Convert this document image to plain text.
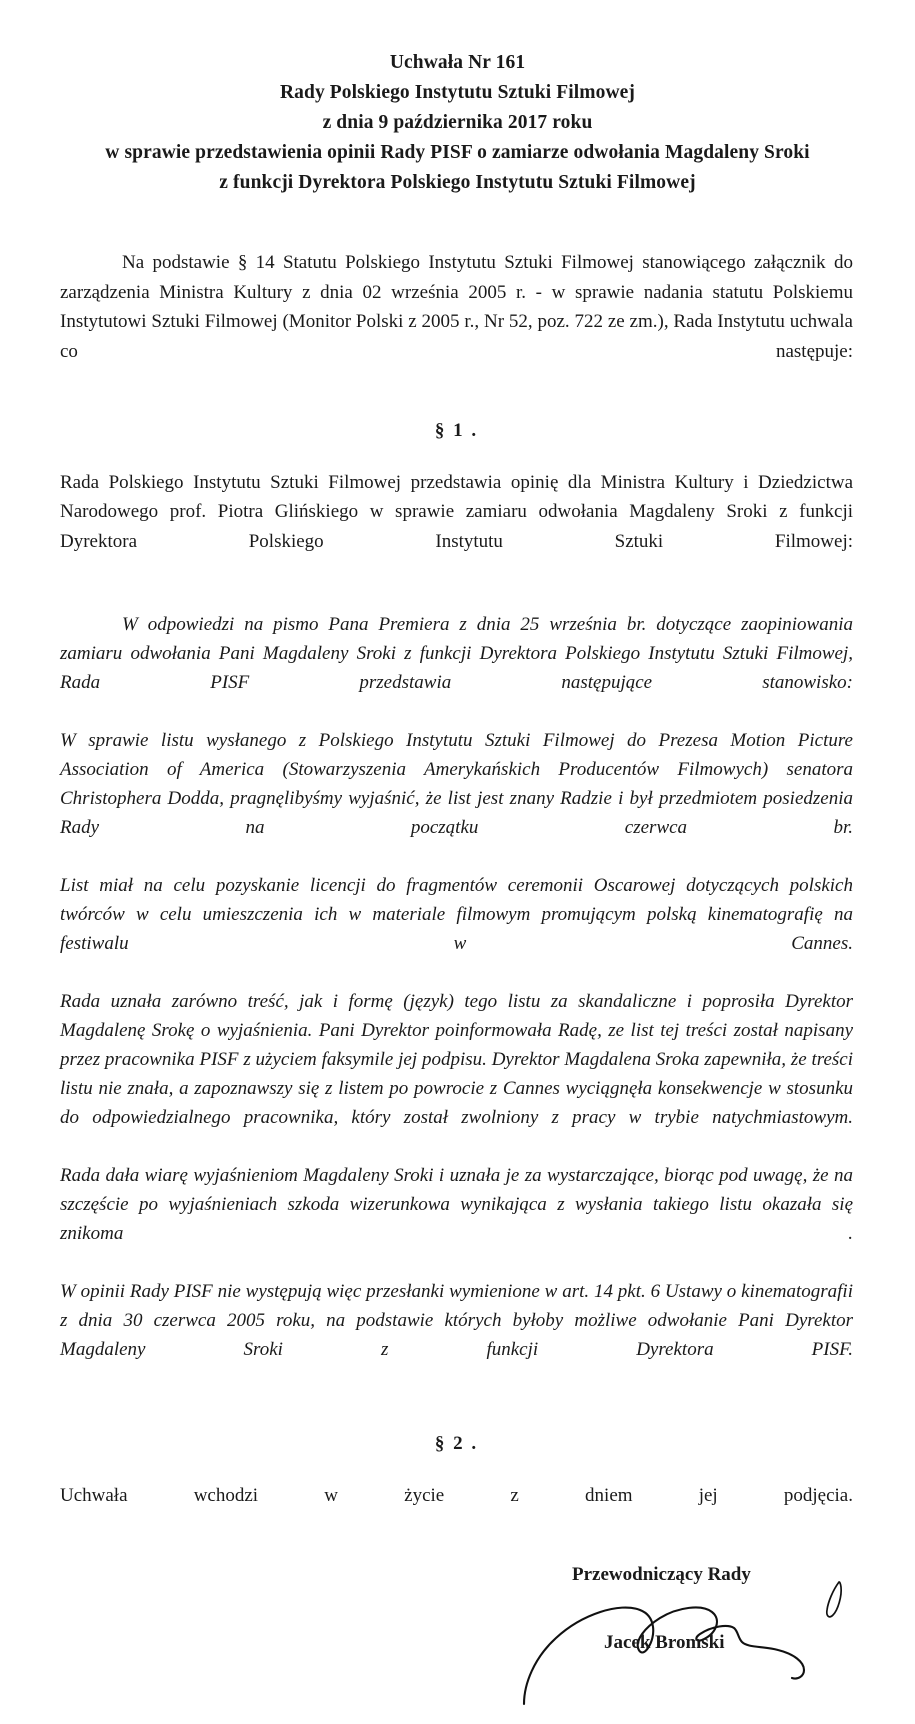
Uchwała Nr 161
Rady Polskiego Instytutu Sztuki Filmowej
z dnia 9 października 2017 roku
w sprawie przedstawienia opinii Rady PISF o zamiarze odwołania Magdaleny Sroki
z funkcji Dyrektora Polskiego Instytutu Sztuki Filmowej

Na podstawie § 14 Statutu Polskiego Instytutu Sztuki Filmowej stanowiącego załącznik do zarządzenia Ministra Kultury z dnia 02 września 2005 r. - w sprawie nadania statutu Polskiemu Instytutowi Sztuki Filmowej (Monitor Polski z 2005 r., Nr 52, poz. 722 ze zm.), Rada Instytutu uchwala co następuje:

§ 1 .

Rada Polskiego Instytutu Sztuki Filmowej przedstawia opinię dla Ministra Kultury i Dziedzictwa Narodowego prof. Piotra Glińskiego w sprawie zamiaru odwołania Magdaleny Sroki z funkcji Dyrektora Polskiego Instytutu Sztuki Filmowej:

W odpowiedzi na pismo Pana Premiera z dnia 25 września br. dotyczące zaopiniowania zamiaru odwołania Pani Magdaleny Sroki z funkcji Dyrektora Polskiego Instytutu Sztuki Filmowej, Rada PISF przedstawia następujące stanowisko:

W sprawie listu wysłanego z Polskiego Instytutu Sztuki Filmowej do Prezesa Motion Picture Association of America (Stowarzyszenia Amerykańskich Producentów Filmowych) senatora Christophera Dodda, pragnęlibyśmy wyjaśnić, że list jest znany Radzie i był przedmiotem posiedzenia Rady na początku czerwca br.

List miał na celu pozyskanie licencji do fragmentów ceremonii Oscarowej dotyczących polskich twórców w celu umieszczenia ich w materiale filmowym promującym polską kinematografię na festiwalu w Cannes.

Rada uznała zarówno treść, jak i formę (język) tego listu za skandaliczne i poprosiła Dyrektor Magdalenę Srokę o wyjaśnienia. Pani Dyrektor poinformowała Radę, ze list tej treści został napisany przez pracownika PISF z użyciem faksymile jej podpisu. Dyrektor Magdalena Sroka zapewniła, że treści listu nie znała, a zapoznawszy się z listem po powrocie z Cannes wyciągnęła konsekwencje w stosunku do odpowiedzialnego pracownika, który został zwolniony z pracy w trybie natychmiastowym.

Rada dała wiarę wyjaśnieniom Magdaleny Sroki i uznała je za wystarczające, biorąc pod uwagę, że na szczęście po wyjaśnieniach szkoda wizerunkowa wynikająca z wysłania takiego listu okazała się znikoma .

W opinii Rady PISF nie występują więc przesłanki wymienione w art. 14 pkt. 6 Ustawy o kinematografii z dnia 30 czerwca 2005 roku, na podstawie których byłoby możliwe odwołanie Pani Dyrektor Magdaleny Sroki z funkcji Dyrektora PISF.

§ 2 .

Uchwała wchodzi w życie z dniem jej podjęcia.

Przewodniczący Rady
Jacek Bromski
